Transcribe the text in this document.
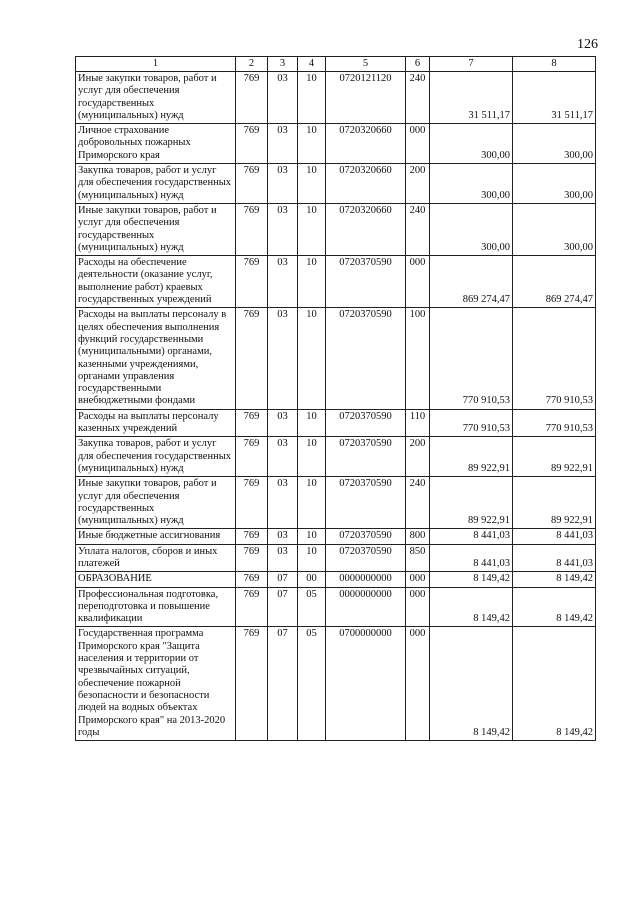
126
1	2	3	4	5	6	7	8
Иные закупки товаров, работ и услуг для обеспечения государственных (муниципальных) нужд	769	03	10	0720121120	240	31 511,17	31 511,17
Личное страхование добровольных пожарных Приморского края	769	03	10	0720320660	000	300,00	300,00
Закупка товаров, работ и услуг для обеспечения государственных (муниципальных) нужд	769	03	10	0720320660	200	300,00	300,00
Иные закупки товаров, работ и услуг для обеспечения государственных (муниципальных) нужд	769	03	10	0720320660	240	300,00	300,00
Расходы на обеспечение деятельности (оказание услуг, выполнение работ) краевых государственных учреждений	769	03	10	0720370590	000	869 274,47	869 274,47
Расходы на выплаты персоналу в целях обеспечения выполнения функций государственными (муниципальными) органами, казенными учреждениями, органами управления государственными внебюджетными фондами	769	03	10	0720370590	100	770 910,53	770 910,53
Расходы на выплаты персоналу казенных учреждений	769	03	10	0720370590	110	770 910,53	770 910,53
Закупка товаров, работ и услуг для обеспечения государственных (муниципальных) нужд	769	03	10	0720370590	200	89 922,91	89 922,91
Иные закупки товаров, работ и услуг для обеспечения государственных (муниципальных) нужд	769	03	10	0720370590	240	89 922,91	89 922,91
Иные бюджетные ассигнования	769	03	10	0720370590	800	8 441,03	8 441,03
Уплата налогов, сборов и иных платежей	769	03	10	0720370590	850	8 441,03	8 441,03
ОБРАЗОВАНИЕ	769	07	00	0000000000	000	8 149,42	8 149,42
Профессиональная подготовка, переподготовка и повышение квалификации	769	07	05	0000000000	000	8 149,42	8 149,42
Государственная программа Приморского края "Защита населения и территории от чрезвычайных ситуаций, обеспечение пожарной безопасности и безопасности людей на водных объектах Приморского края" на 2013-2020 годы	769	07	05	0700000000	000	8 149,42	8 149,42
